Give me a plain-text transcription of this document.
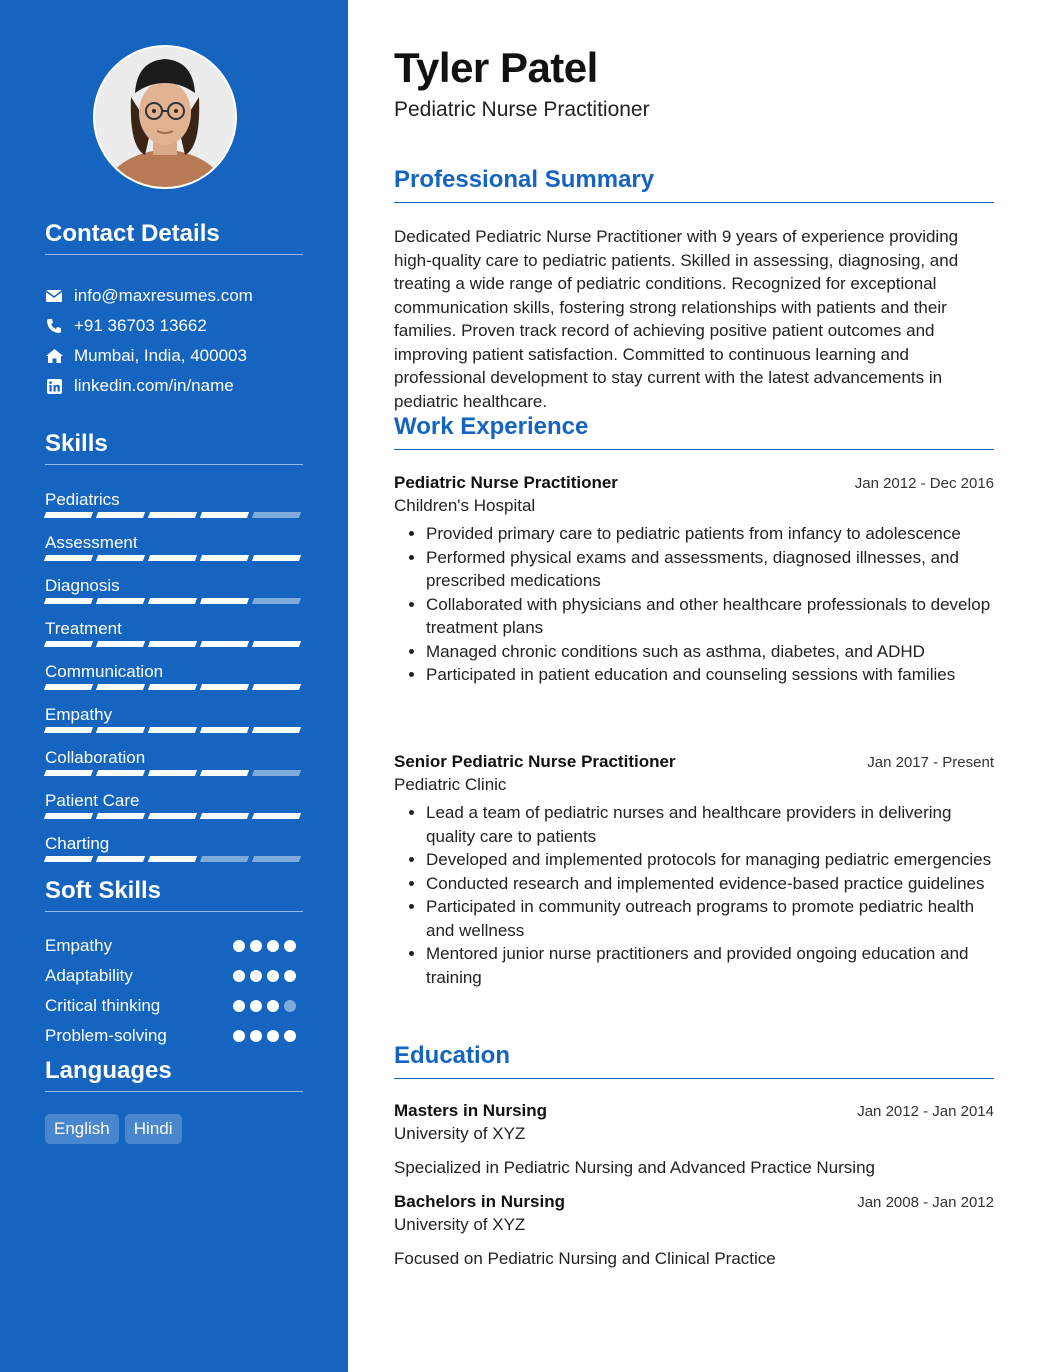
Contact Details
info@maxresumes.com
+91 36703 13662
Mumbai, India, 400003
linkedin.com/in/name
Skills
Pediatrics
Assessment
Diagnosis
Treatment
Communication
Empathy
Collaboration
Patient Care
Charting
Soft Skills
Empathy
Adaptability
Critical thinking
Problem-solving
Languages
English	Hindi
Tyler Patel
Pediatric Nurse Practitioner
Professional Summary
Dedicated Pediatric Nurse Practitioner with 9 years of experience providing high-quality care to pediatric patients. Skilled in assessing, diagnosing, and treating a wide range of pediatric conditions. Recognized for exceptional communication skills, fostering strong relationships with patients and their families. Proven track record of achieving positive patient outcomes and improving patient satisfaction. Committed to continuous learning and professional development to stay current with the latest advancements in pediatric healthcare.
Work Experience
Pediatric Nurse Practitioner	Jan 2012 - Dec 2016
Children's Hospital
• Provided primary care to pediatric patients from infancy to adolescence
• Performed physical exams and assessments, diagnosed illnesses, and prescribed medications
• Collaborated with physicians and other healthcare professionals to develop treatment plans
• Managed chronic conditions such as asthma, diabetes, and ADHD
• Participated in patient education and counseling sessions with families
Senior Pediatric Nurse Practitioner	Jan 2017 - Present
Pediatric Clinic
• Lead a team of pediatric nurses and healthcare providers in delivering quality care to patients
• Developed and implemented protocols for managing pediatric emergencies
• Conducted research and implemented evidence-based practice guidelines
• Participated in community outreach programs to promote pediatric health and wellness
• Mentored junior nurse practitioners and provided ongoing education and training
Education
Masters in Nursing	Jan 2012 - Jan 2014
University of XYZ
Specialized in Pediatric Nursing and Advanced Practice Nursing
Bachelors in Nursing	Jan 2008 - Jan 2012
University of XYZ
Focused on Pediatric Nursing and Clinical Practice
